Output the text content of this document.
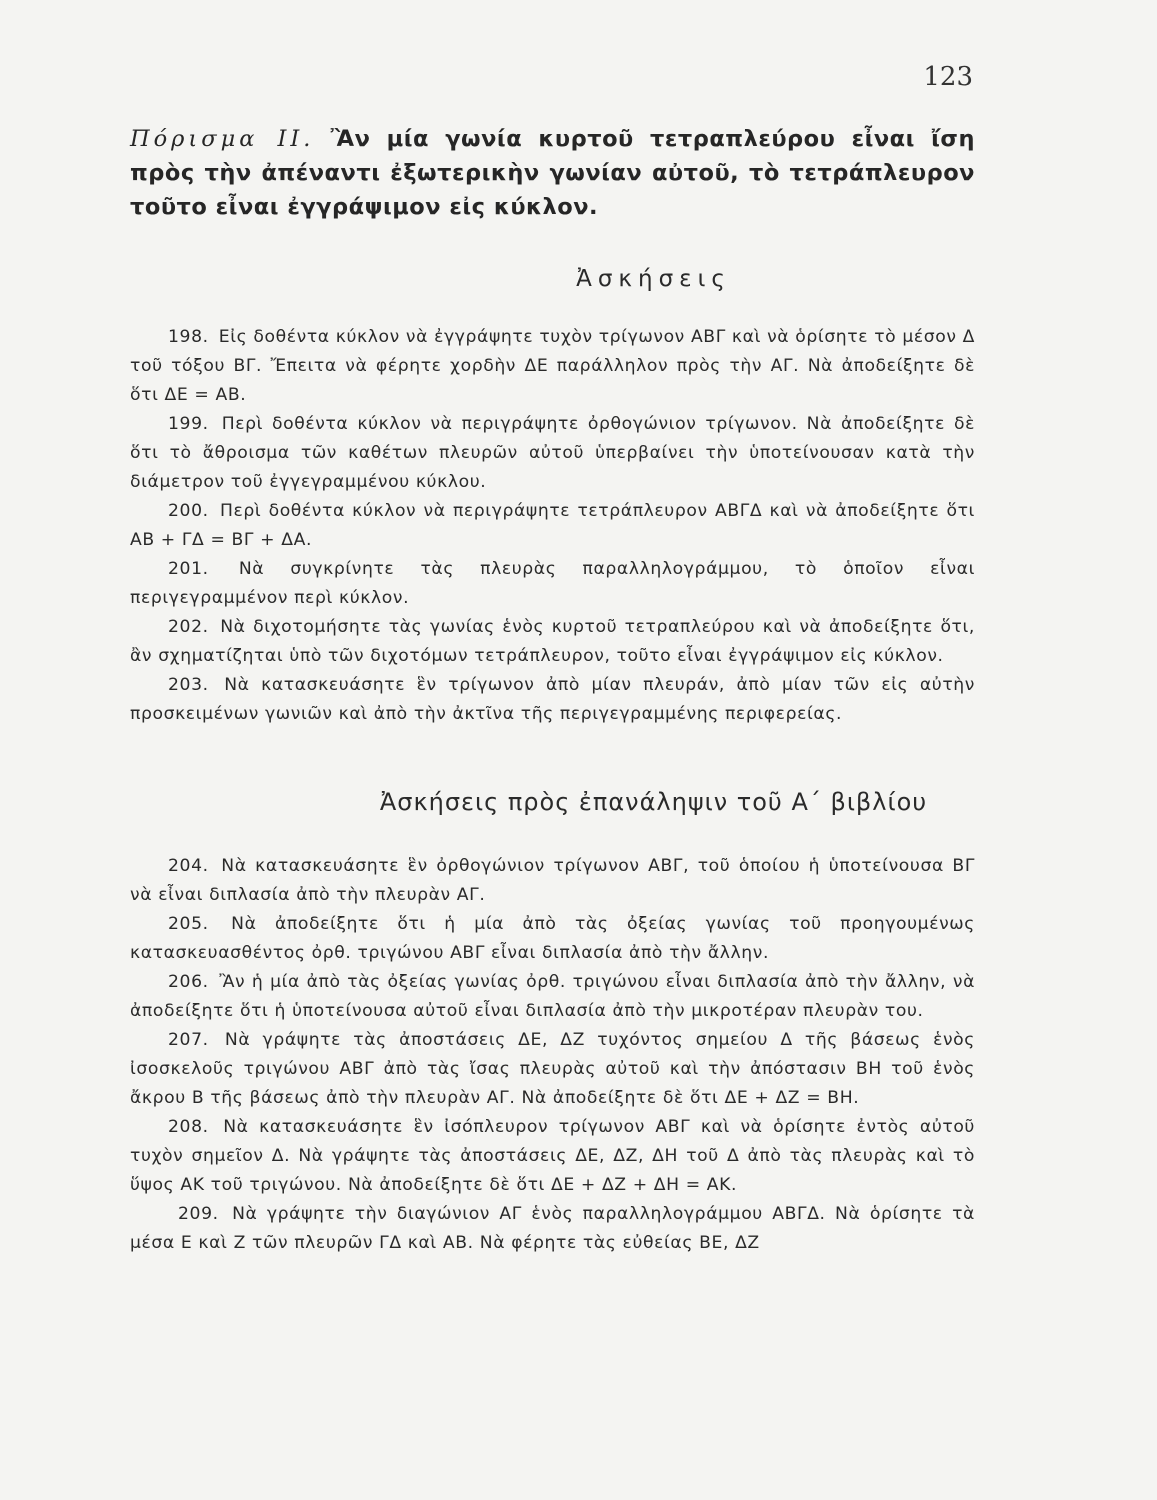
123
Πόρισμα ΙΙ. Ἂν μία γωνία κυρτοῦ τετραπλεύρου εἶναι ἴση πρὸς τὴν ἀπέναντι ἐξωτερικὴν γωνίαν αὐτοῦ, τὸ τετράπλευρον τοῦτο εἶναι ἐγγράψιμον εἰς κύκλον.
Ἀσκήσεις

198. Εἰς δοθέντα κύκλον νὰ ἐγγράψητε τυχὸν τρίγωνον ΑΒΓ καὶ νὰ ὁρίσητε τὸ μέσον Δ τοῦ τόξου ΒΓ. Ἔπειτα νὰ φέρητε χορδὴν ΔΕ παράλληλον πρὸς τὴν ΑΓ. Νὰ ἀποδείξητε δὲ ὅτι ΔΕ = ΑΒ.

199. Περὶ δοθέντα κύκλον νὰ περιγράψητε ὀρθογώνιον τρίγωνον. Νὰ ἀποδείξητε δὲ ὅτι τὸ ἄθροισμα τῶν καθέτων πλευρῶν αὐτοῦ ὑπερβαίνει τὴν ὑποτείνουσαν κατὰ τὴν διάμετρον τοῦ ἐγγεγραμμένου κύκλου.

200. Περὶ δοθέντα κύκλον νὰ περιγράψητε τετράπλευρον ΑΒΓΔ καὶ νὰ ἀποδείξητε ὅτι ΑΒ + ΓΔ = ΒΓ + ΔΑ.

201. Νὰ συγκρίνητε τὰς πλευρὰς παραλληλογράμμου, τὸ ὁποῖον εἶναι περιγεγραμμένον περὶ κύκλον.

202. Νὰ διχοτομήσητε τὰς γωνίας ἑνὸς κυρτοῦ τετραπλεύρου καὶ νὰ ἀποδείξητε ὅτι, ἂν σχηματίζηται ὑπὸ τῶν διχοτόμων τετράπλευρον, τοῦτο εἶναι ἐγγράψιμον εἰς κύκλον.

203. Νὰ κατασκευάσητε ἓν τρίγωνον ἀπὸ μίαν πλευράν, ἀπὸ μίαν τῶν εἰς αὐτὴν προσκειμένων γωνιῶν καὶ ἀπὸ τὴν ἀκτῖνα τῆς περιγεγραμμένης περιφερείας.

Ἀσκήσεις πρὸς ἐπανάληψιν τοῦ Α΄ βιβλίου

204. Νὰ κατασκευάσητε ἓν ὀρθογώνιον τρίγωνον ΑΒΓ, τοῦ ὁποίου ἡ ὑποτείνουσα ΒΓ νὰ εἶναι διπλασία ἀπὸ τὴν πλευρὰν ΑΓ.

205. Νὰ ἀποδείξητε ὅτι ἡ μία ἀπὸ τὰς ὀξείας γωνίας τοῦ προηγουμένως κατασκευασθέντος ὀρθ. τριγώνου ΑΒΓ εἶναι διπλασία ἀπὸ τὴν ἄλλην.

206. Ἂν ἡ μία ἀπὸ τὰς ὀξείας γωνίας ὀρθ. τριγώνου εἶναι διπλασία ἀπὸ τὴν ἄλλην, νὰ ἀποδείξητε ὅτι ἡ ὑποτείνουσα αὐτοῦ εἶναι διπλασία ἀπὸ τὴν μικροτέραν πλευρὰν του.

207. Νὰ γράψητε τὰς ἀποστάσεις ΔΕ, ΔΖ τυχόντος σημείου Δ τῆς βάσεως ἑνὸς ἰσοσκελοῦς τριγώνου ΑΒΓ ἀπὸ τὰς ἴσας πλευρὰς αὐτοῦ καὶ τὴν ἀπόστασιν ΒΗ τοῦ ἑνὸς ἄκρου Β τῆς βάσεως ἀπὸ τὴν πλευρὰν ΑΓ. Νὰ ἀποδείξητε δὲ ὅτι ΔΕ + ΔΖ = ΒΗ.

208. Νὰ κατασκευάσητε ἓν ἰσόπλευρον τρίγωνον ΑΒΓ καὶ νὰ ὁρίσητε ἐντὸς αὐτοῦ τυχὸν σημεῖον Δ. Νὰ γράψητε τὰς ἀποστάσεις ΔΕ, ΔΖ, ΔΗ τοῦ Δ ἀπὸ τὰς πλευρὰς καὶ τὸ ὕψος ΑΚ τοῦ τριγώνου. Νὰ ἀποδείξητε δὲ ὅτι ΔΕ + ΔΖ + ΔΗ = ΑΚ.

209. Νὰ γράψητε τὴν διαγώνιον ΑΓ ἑνὸς παραλληλογράμμου ΑΒΓΔ. Νὰ ὁρίσητε τὰ μέσα Ε καὶ Ζ τῶν πλευρῶν ΓΔ καὶ ΑΒ. Νὰ φέρητε τὰς εὐθείας ΒΕ, ΔΖ
